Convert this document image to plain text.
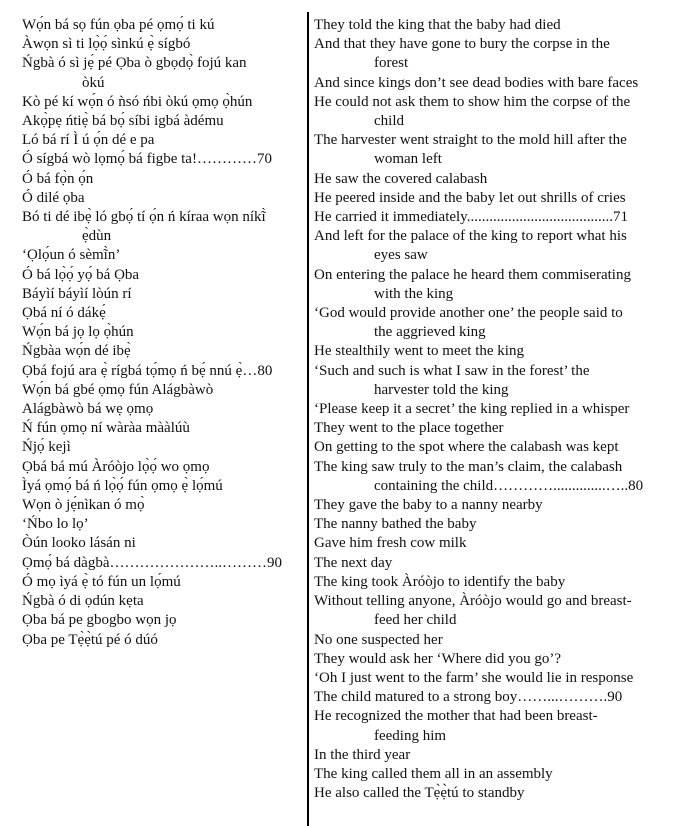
Wọ́n bá sọ fún ọba pé ọmọ́ ti kú
Àwọn sì ti lọ̀ọ́ sìnkú ẹ̀ sígbó
Ńgbà ó sì jẹ́ pé Ọba ò gbọdọ̀ fojú kan
òkú
Kò pé kí wọ́n ó ǹsó ńbi òkú ọmọ ọ̀hún
Akọ̀pẹ ńtiẹ̀ bá bọ́ síbi igbá àdému
Ló bá rí Ì ú ọ́n dé e pa
Ó sígbá wò lọmọ́ bá figbe ta!…………70
Ó bá fọ̀n ọ́n
Ó dilé ọba
Bó ti dé ibẹ̀ ló gbọ́ tí ọ́n ń kíraa wọn níkĩ̀
ẹ̀dùn
‘Ọlọ́un ó sèmĩ̀n’
Ó bá lọ̀ọ́ yọ́ bá Ọba
Báyìí báyìí lòún rí
Ọbá ní ó dákẹ́
Wọ́n bá jọ lọ ọ̀hún
Ńgbàa wọ́n dé ibẹ̀
Ọbá fojú ara ẹ̀ rígbá tọ́mọ ń bẹ́ nnú ẹ̀…80
Wọ́n bá gbé ọmọ fún Alágbàwò
Alágbàwò bá wẹ ọmọ
Ń fún ọmọ ní wàràa mààlúù
Ńjọ́ kejì
Ọbá bá mú Àróòjo lọ̀ọ́ wo ọmọ
Ìyá ọmọ́ bá ń lọ̀ọ́ fún ọmọ ẹ̀ lọ́mú
Wọn ò jẹ́nìkan ó mọ̀
‘Ńbo lo lọ’
Òún looko lásán ni
Ọmọ́ bá dàgbà…………………..………90
Ó mọ ìyá ẹ̀ tó fún un lọ́mú
Ńgbà ó di ọdún kẹta
Ọba bá pe gbogbo wọn jọ
Ọba pe Tẹ̀ẹ̀tú pé ó dúó
They told the king that the baby had died
And that they have gone to bury the corpse in the
forest
And since kings don’t see dead bodies with bare faces
He could not ask them to show him the corpse of the
child
The harvester went straight to the mold hill after the
woman left
He saw the covered calabash
He peered inside and the baby let out shrills of cries
He carried it immediately.......................................71
And left for the palace of the king to report what his
eyes saw
On entering the palace he heard them commiserating
with the king
‘God would provide another one’ the people said to
the aggrieved king
He stealthily went to meet the king
‘Such and such is what I saw in the forest’ the
harvester told the king
‘Please keep it a secret’ the king replied in a whisper
They went to the place together
On getting to the spot where the calabash was kept
The king saw truly to the man’s claim, the calabash
containing the child…………..............…..80
They gave the baby to a nanny nearby
The nanny bathed the baby
Gave him fresh cow milk
The next day
The king took Àróòjo to identify the baby
Without telling anyone, Àróòjo would go and breast-
feed her child
No one suspected her
They would ask her ‘Where did you go’?
‘Oh I just went to the farm’ she would lie in response
The child matured to a strong boy……...……….90
He recognized the mother that had been breast-
feeding him
In the third year
The king called them all in an assembly
He also called the Tẹ̀ẹ̀tú to standby
